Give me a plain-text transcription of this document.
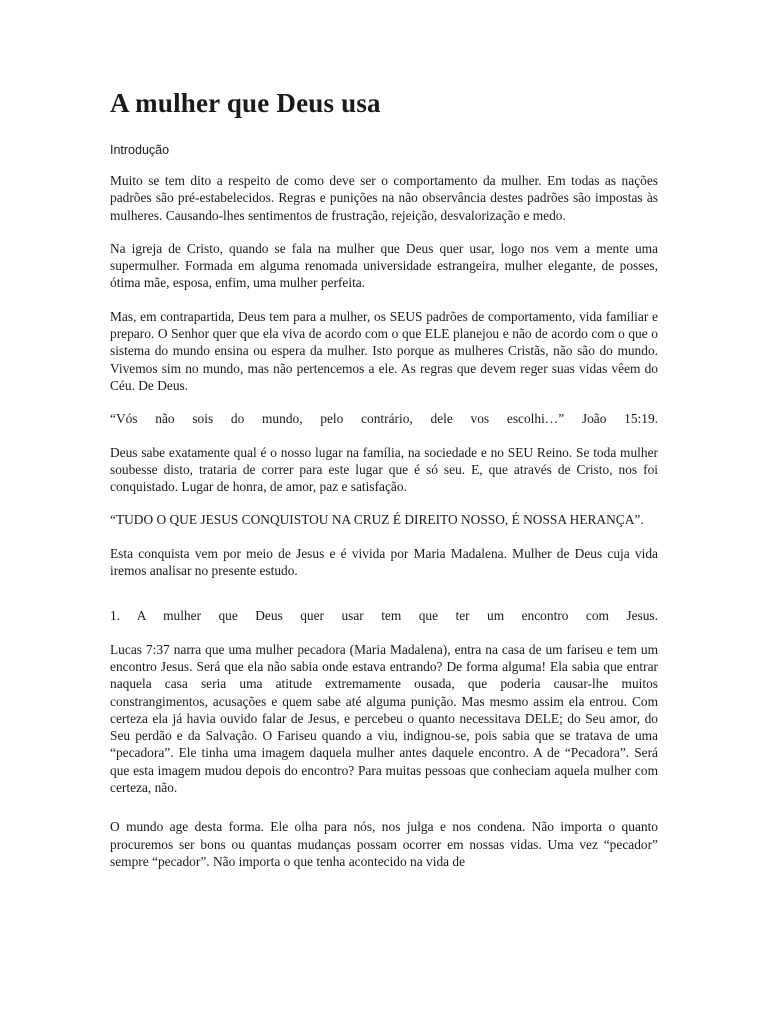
A mulher que Deus usa
Introdução

Muito se tem dito a respeito de como deve ser o comportamento da mulher. Em todas as nações padrões são pré-estabelecidos. Regras e punições na não observância destes padrões são impostas às mulheres. Causando-lhes sentimentos de frustração, rejeição, desvalorização e medo.

Na igreja de Cristo, quando se fala na mulher que Deus quer usar, logo nos vem a mente uma supermulher. Formada em alguma renomada universidade estrangeira, mulher elegante, de posses, ótima mãe, esposa, enfim, uma mulher perfeita.

Mas, em contrapartida, Deus tem para a mulher, os SEUS padrões de comportamento, vida familiar e preparo. O Senhor quer que ela viva de acordo com o que ELE planejou e não de acordo com o que o sistema do mundo ensina ou espera da mulher. Isto porque as mulheres Cristãs, não são do mundo. Vivemos sim no mundo, mas não pertencemos a ele. As regras que devem reger suas vidas vêem do Céu. De Deus.

“Vós não sois do mundo, pelo contrário, dele vos escolhi…” João 15:19.

Deus sabe exatamente qual é o nosso lugar na família, na sociedade e no SEU Reino. Se toda mulher soubesse disto, trataria de correr para este lugar que é só seu. E, que através de Cristo, nos foi conquistado. Lugar de honra, de amor, paz e satisfação.

“TUDO O QUE JESUS CONQUISTOU NA CRUZ É DIREITO NOSSO, É NOSSA HERANÇA”.

Esta conquista vem por meio de Jesus e é vivida por Maria Madalena. Mulher de Deus cuja vida iremos analisar no presente estudo.

1. A mulher que Deus quer usar tem que ter um encontro com Jesus.

Lucas 7:37 narra que uma mulher pecadora (Maria Madalena), entra na casa de um fariseu e tem um encontro Jesus. Será que ela não sabia onde estava entrando? De forma alguma! Ela sabia que entrar naquela casa seria uma atitude extremamente ousada, que poderia causar-lhe muitos constrangimentos, acusações e quem sabe até alguma punição. Mas mesmo assim ela entrou. Com certeza ela já havia ouvido falar de Jesus, e percebeu o quanto necessitava DELE; do Seu amor, do Seu perdão e da Salvação. O Fariseu quando a viu, indignou-se, pois sabia que se tratava de uma “pecadora”. Ele tinha uma imagem daquela mulher antes daquele encontro. A de “Pecadora”. Será que esta imagem mudou depois do encontro? Para muitas pessoas que conheciam aquela mulher com certeza, não.

O mundo age desta forma. Ele olha para nós, nos julga e nos condena. Não importa o quanto procuremos ser bons ou quantas mudanças possam ocorrer em nossas vidas. Uma vez “pecador” sempre “pecador”. Não importa o que tenha acontecido na vida de
